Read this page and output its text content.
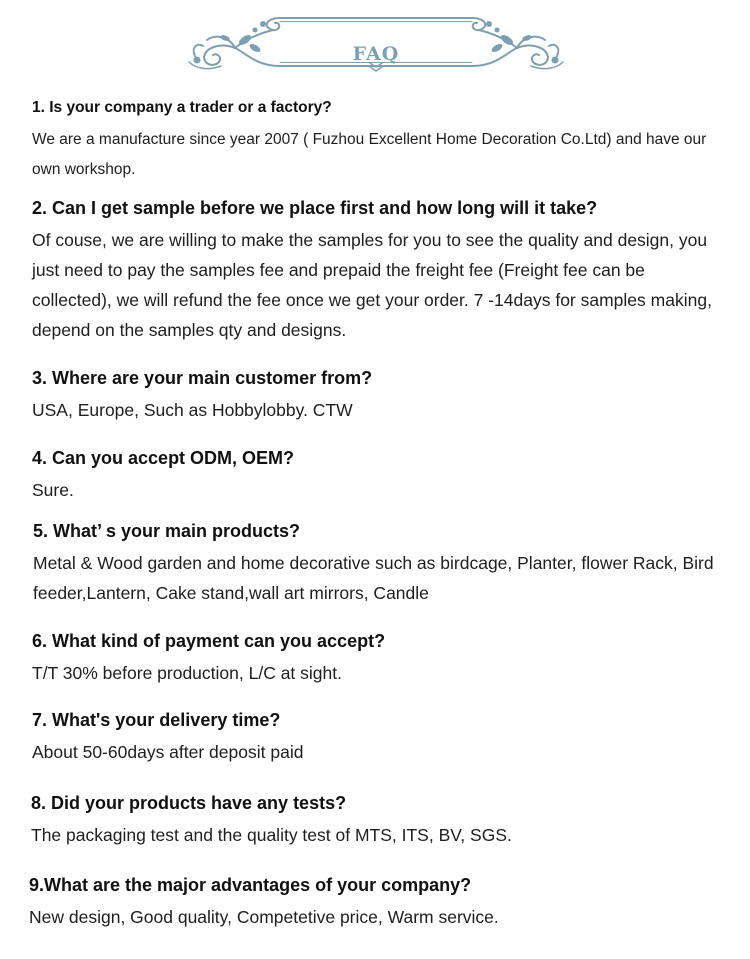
FAQ
1. Is your company a trader or a factory?
We are a manufacture since year 2007 ( Fuzhou Excellent Home Decoration Co.Ltd) and have our own workshop.
2. Can I get sample before we place first and how long will it take?
Of couse, we are willing to make the samples for you to see the quality and design, you just need to pay the samples fee and prepaid the freight fee (Freight fee can be collected), we will refund the fee once we get your order. 7 -14days for samples making, depend on the samples qty and designs.
3. Where are your main customer from?
USA, Europe, Such as Hobbylobby. CTW
4. Can you accept ODM, OEM?
Sure.
5. What’ s your main products?
Metal & Wood garden and home decorative such as birdcage, Planter, flower Rack, Bird feeder,Lantern, Cake stand,wall art mirrors, Candle
6. What kind of payment can you accept?
T/T 30% before production, L/C at sight.
7. What's your delivery time?
About 50-60days after deposit paid
8. Did your products have any tests?
The packaging test and the quality test of MTS, ITS, BV, SGS.
9.What are the major advantages of your company?
New design, Good quality, Competetive price, Warm service.
